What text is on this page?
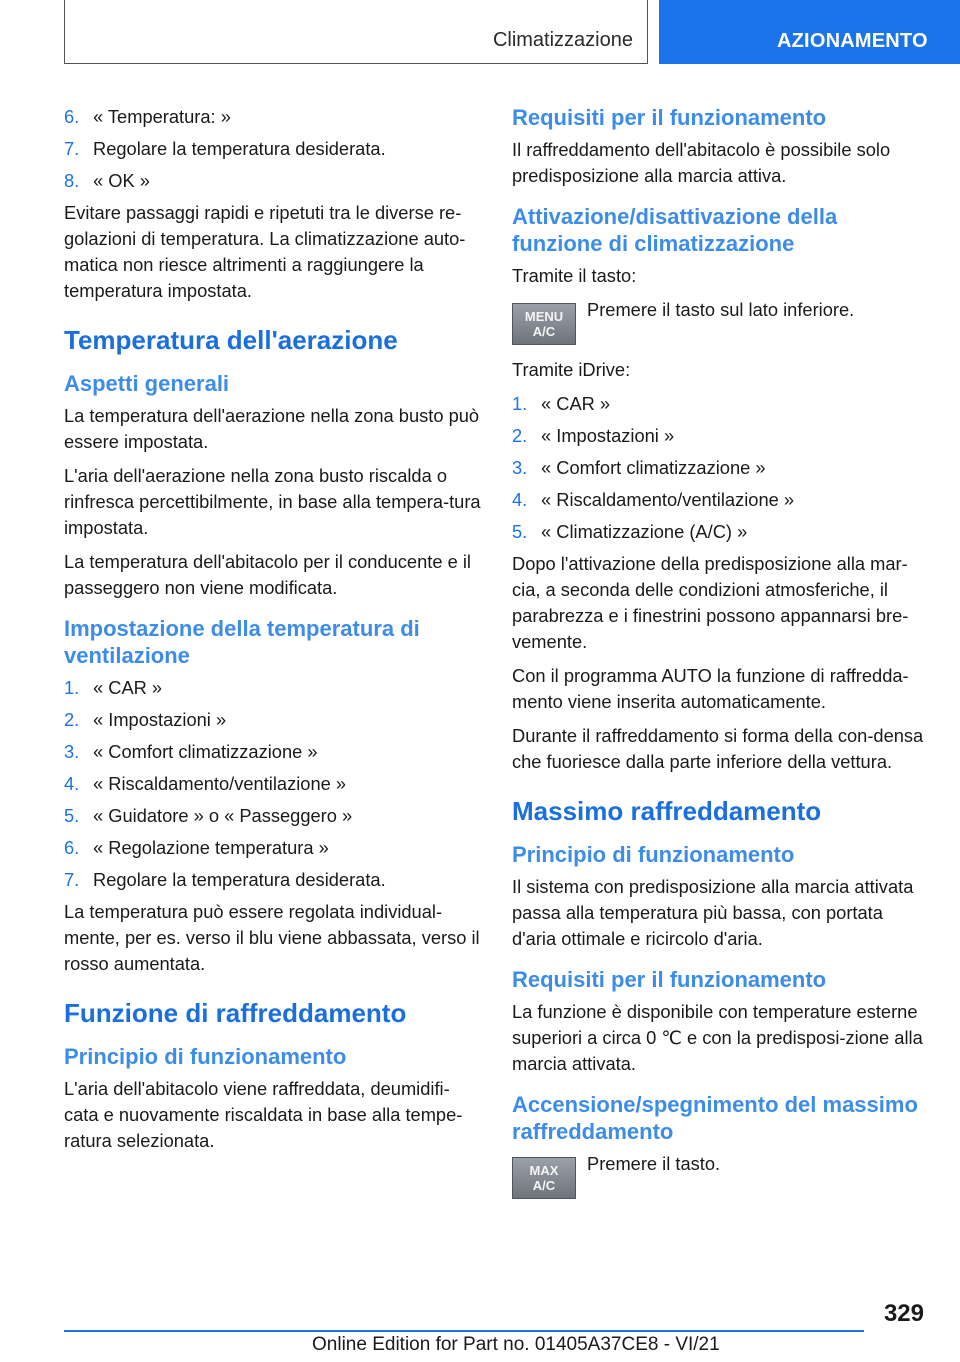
Climatizzazione	AZIONAMENTO
6. « Temperatura: »
7. Regolare la temperatura desiderata.
8. « OK »

Evitare passaggi rapidi e ripetuti tra le diverse re-golazioni di temperatura. La climatizzazione auto-matica non riesce altrimenti a raggiungere la temperatura impostata.

Temperatura dell'aerazione
Aspetti generali

La temperatura dell'aerazione nella zona busto può essere impostata.

L'aria dell'aerazione nella zona busto riscalda o rinfresca percettibilmente, in base alla tempera-tura impostata.

La temperatura dell'abitacolo per il conducente e il passeggero non viene modificata.

Impostazione della temperatura di ventilazione
1. « CAR »
2. « Impostazioni »
3. « Comfort climatizzazione »
4. « Riscaldamento/ventilazione »
5. « Guidatore » o « Passeggero »
6. « Regolazione temperatura »
7. Regolare la temperatura desiderata.

La temperatura può essere regolata individual-mente, per es. verso il blu viene abbassata, verso il rosso aumentata.

Funzione di raffreddamento
Principio di funzionamento

L'aria dell'abitacolo viene raffreddata, deumidifi-cata e nuovamente riscaldata in base alla tempe-ratura selezionata.

Requisiti per il funzionamento

Il raffreddamento dell'abitacolo è possibile solo predisposizione alla marcia attiva.

Attivazione/disattivazione della funzione di climatizzazione

Tramite il tasto:

MENU
A/C
Premere il tasto sul lato inferiore.

Tramite iDrive:

1. « CAR »
2. « Impostazioni »
3. « Comfort climatizzazione »
4. « Riscaldamento/ventilazione »
5. « Climatizzazione (A/C) »

Dopo l'attivazione della predisposizione alla mar-cia, a seconda delle condizioni atmosferiche, il parabrezza e i finestrini possono appannarsi bre-vemente.

Con il programma AUTO la funzione di raffredda-mento viene inserita automaticamente.

Durante il raffreddamento si forma della con-densa che fuoriesce dalla parte inferiore della vettura.

Massimo raffreddamento
Principio di funzionamento

Il sistema con predisposizione alla marcia attivata passa alla temperatura più bassa, con portata d'aria ottimale e ricircolo d'aria.

Requisiti per il funzionamento

La funzione è disponibile con temperature esterne superiori a circa 0 ℃ e con la predisposi-zione alla marcia attivata.

Accensione/spegnimento del massimo raffreddamento
MAX
A/C
Premere il tasto.
329
Online Edition for Part no. 01405A37CE8 - VI/21
